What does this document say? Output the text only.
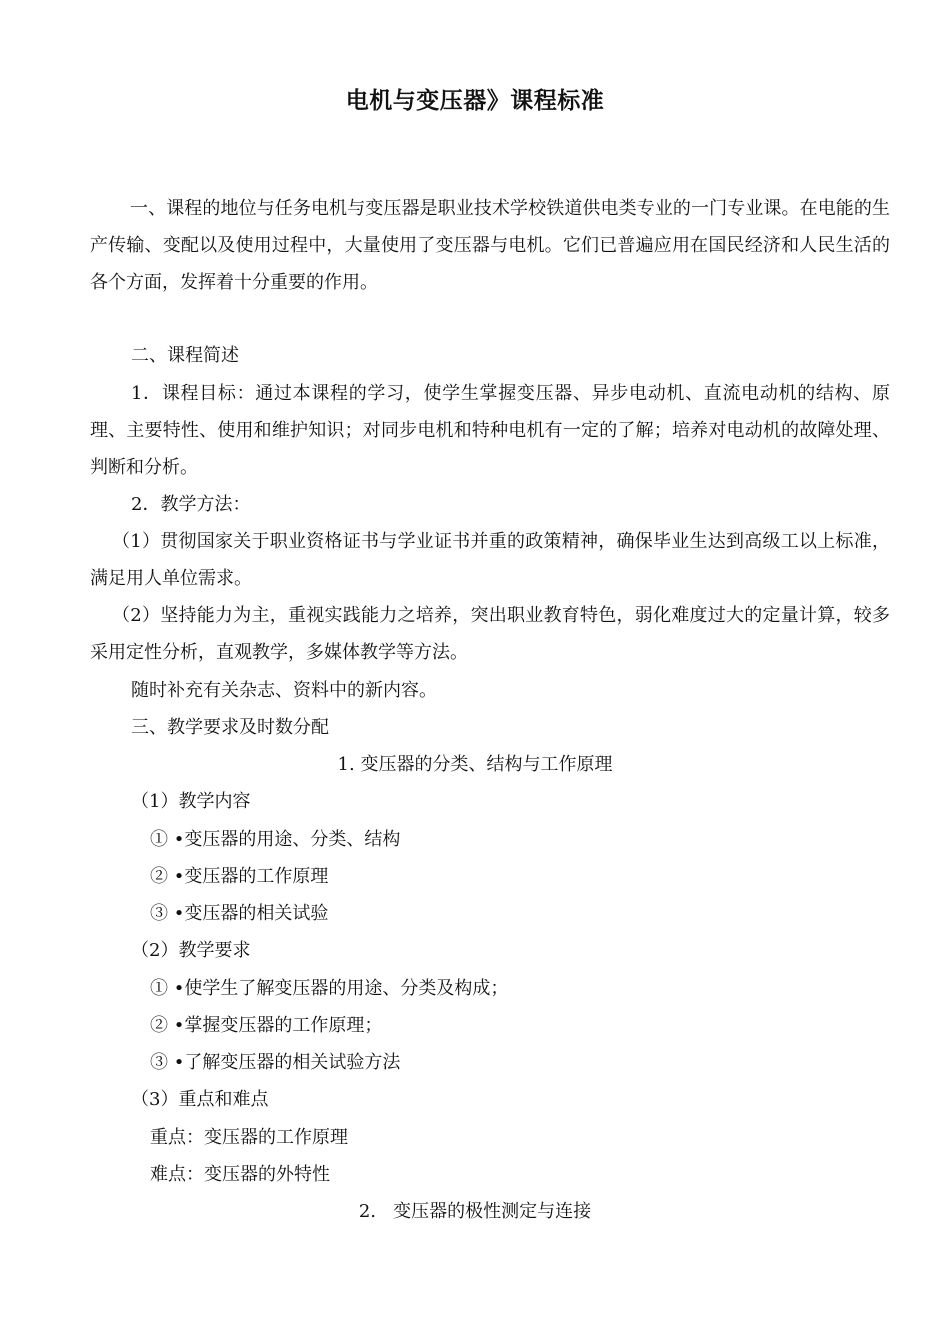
电机与变压器》课程标准
一、课程的地位与任务电机与变压器是职业技术学校铁道供电类专业的一门专业课。在电能的生产传输、变配以及使用过程中，大量使用了变压器与电机。它们已普遍应用在国民经济和人民生活的各个方面，发挥着十分重要的作用。
二、课程简述
1．课程目标：通过本课程的学习，使学生掌握变压器、异步电动机、直流电动机的结构、原理、主要特性、使用和维护知识；对同步电机和特种电机有一定的了解；培养对电动机的故障处理、判断和分析。
2．教学方法：
（1）贯彻国家关于职业资格证书与学业证书并重的政策精神，确保毕业生达到高级工以上标准，满足用人单位需求。
（2）坚持能力为主，重视实践能力之培养，突出职业教育特色，弱化难度过大的定量计算，较多采用定性分析，直观教学，多媒体教学等方法。
随时补充有关杂志、资料中的新内容。
三、教学要求及时数分配
1. 变压器的分类、结构与工作原理
（1）教学内容
① •变压器的用途、分类、结构
② •变压器的工作原理
③ •变压器的相关试验
（2）教学要求
① •使学生了解变压器的用途、分类及构成；
② •掌握变压器的工作原理；
③ •了解变压器的相关试验方法
（3）重点和难点
重点：变压器的工作原理
难点：变压器的外特性
2.   变压器的极性测定与连接
